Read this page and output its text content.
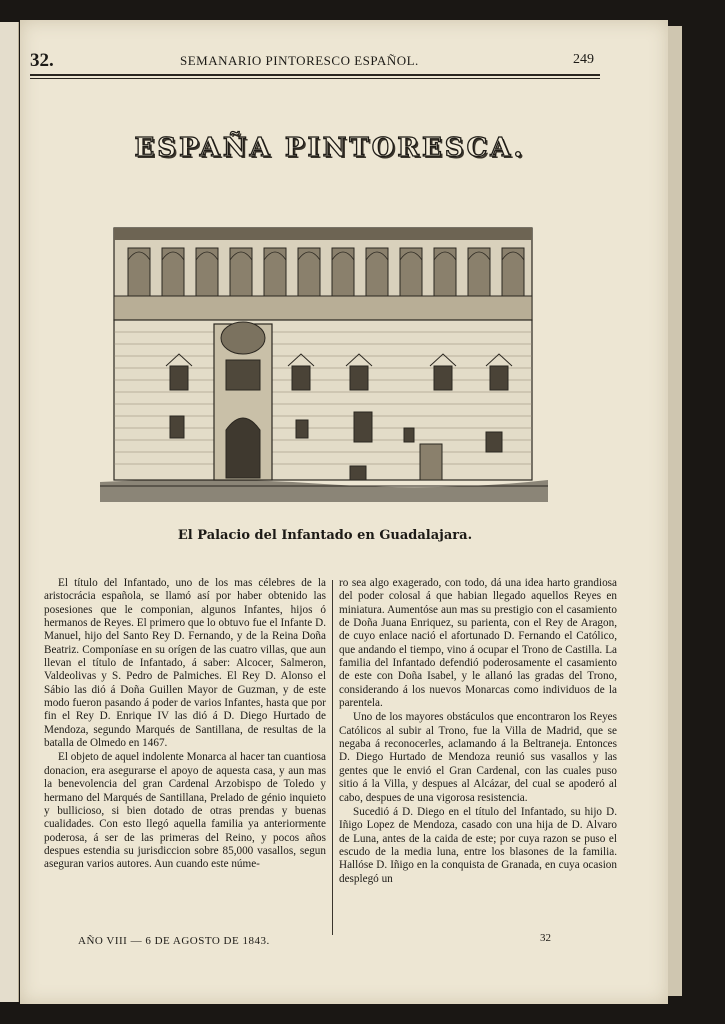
32.	SEMANARIO PINTORESCO ESPAÑOL.	249
ESPAÑA PINTORESCA.
El Palacio del Infantado en Guadalajara.

El título del Infantado, uno de los mas célebres de la aristocrácia española, se llamó así por haber obtenido las posesiones que le componian, algunos Infantes, hijos ó hermanos de Reyes. El primero que lo obtuvo fue el Infante D. Manuel, hijo del Santo Rey D. Fernando, y de la Reina Doña Beatriz. Componíase en su orígen de las cuatro villas, que aun llevan el título de Infantado, á saber: Alcocer, Salmeron, Valdeolivas y S. Pedro de Palmiches. El Rey D. Alonso el Sábio las dió á Doña Guillen Mayor de Guzman, y de este modo fueron pasando á poder de varios Infantes, hasta que por fin el Rey D. Enrique IV las dió á D. Diego Hurtado de Mendoza, segundo Marqués de Santillana, de resultas de la batalla de Olmedo en 1467.

El objeto de aquel indolente Monarca al hacer tan cuantiosa donacion, era asegurarse el apoyo de aquesta casa, y aun mas la benevolencia del gran Cardenal Arzobispo de Toledo y hermano del Marqués de Santillana, Prelado de génio inquieto y bullicioso, si bien dotado de otras prendas y buenas cualidades. Con esto llegó aquella familia ya anteriormente poderosa, á ser de las primeras del Reino, y pocos años despues estendia su jurisdiccion sobre 85,000 vasallos, segun aseguran varios autores. Aun cuando este núme-

ro sea algo exagerado, con todo, dá una idea harto grandiosa del poder colosal á que habian llegado aquellos Reyes en miniatura. Aumentóse aun mas su prestigio con el casamiento de Doña Juana Enriquez, su parienta, con el Rey de Aragon, de cuyo enlace nació el afortunado D. Fernando el Católico, que andando el tiempo, vino á ocupar el Trono de Castilla. La familia del Infantado defendió poderosamente el casamiento de este con Doña Isabel, y le allanó las gradas del Trono, considerando á los nuevos Monarcas como individuos de la parentela.

Uno de los mayores obstáculos que encontraron los Reyes Católicos al subir al Trono, fue la Villa de Madrid, que se negaba á reconocerles, aclamando á la Beltraneja. Entonces D. Diego Hurtado de Mendoza reunió sus vasallos y las gentes que le envió el Gran Cardenal, con las cuales puso sitio á la Villa, y despues al Alcázar, del cual se apoderó al cabo, despues de una vigorosa resistencia.

Sucedió á D. Diego en el título del Infantado, su hijo D. Iñigo Lopez de Mendoza, casado con una hija de D. Alvaro de Luna, antes de la caida de este; por cuya razon se puso el escudo de la media luna, entre los blasones de la familia. Hallóse D. Iñigo en la conquista de Granada, en cuya ocasion desplegó un

AÑO VIII — 6 DE AGOSTO DE 1843.	32
